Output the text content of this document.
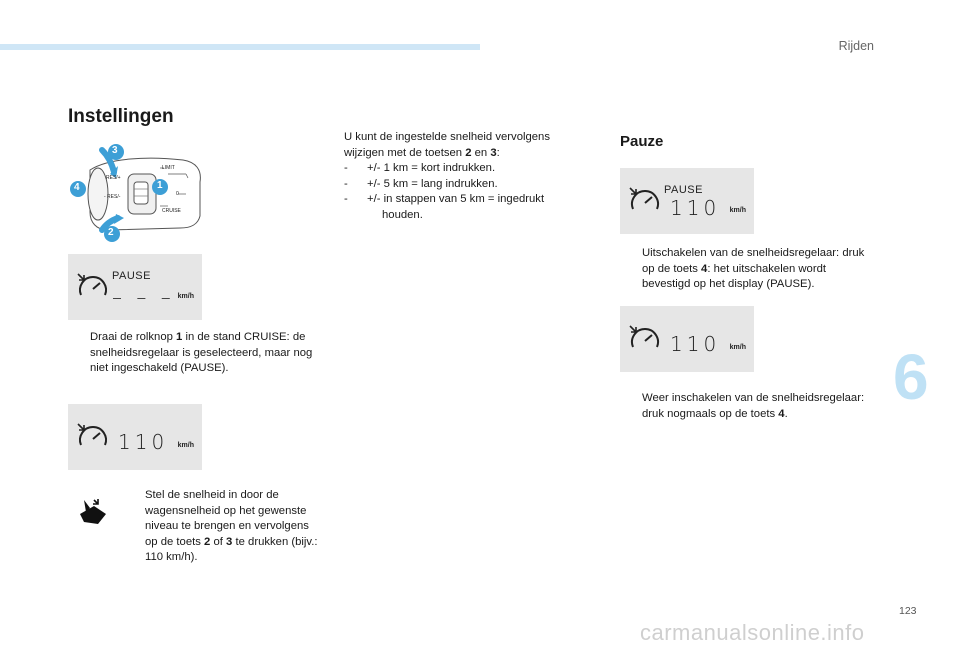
Rijden
6
123
carmanualsonline.info
Instellingen
3
4	1
2
RES/+
- RES/-
LIMIT
0
CRUISE
PAUSE
– – – km/h
Draai de rolknop 1 in de stand CRUISE: de snelheidsregelaar is geselecteerd, maar nog niet ingeschakeld (PAUSE).
110 km/h
Stel de snelheid in door de wagensnelheid op het gewenste niveau te brengen en vervolgens op de toets 2 of 3 te drukken (bijv.: 110 km/h).
U kunt de ingestelde snelheid vervolgens wijzigen met de toetsen 2 en 3:
- +/- 1 km = kort indrukken.
- +/- 5 km = lang indrukken.
- +/- in stappen van 5 km = ingedrukt
houden.
Pauze
PAUSE
110 km/h
Uitschakelen van de snelheidsregelaar: druk op de toets 4: het uitschakelen wordt bevestigd op het display (PAUSE).
110 km/h
Weer inschakelen van de snelheidsregelaar: druk nogmaals op de toets 4.
